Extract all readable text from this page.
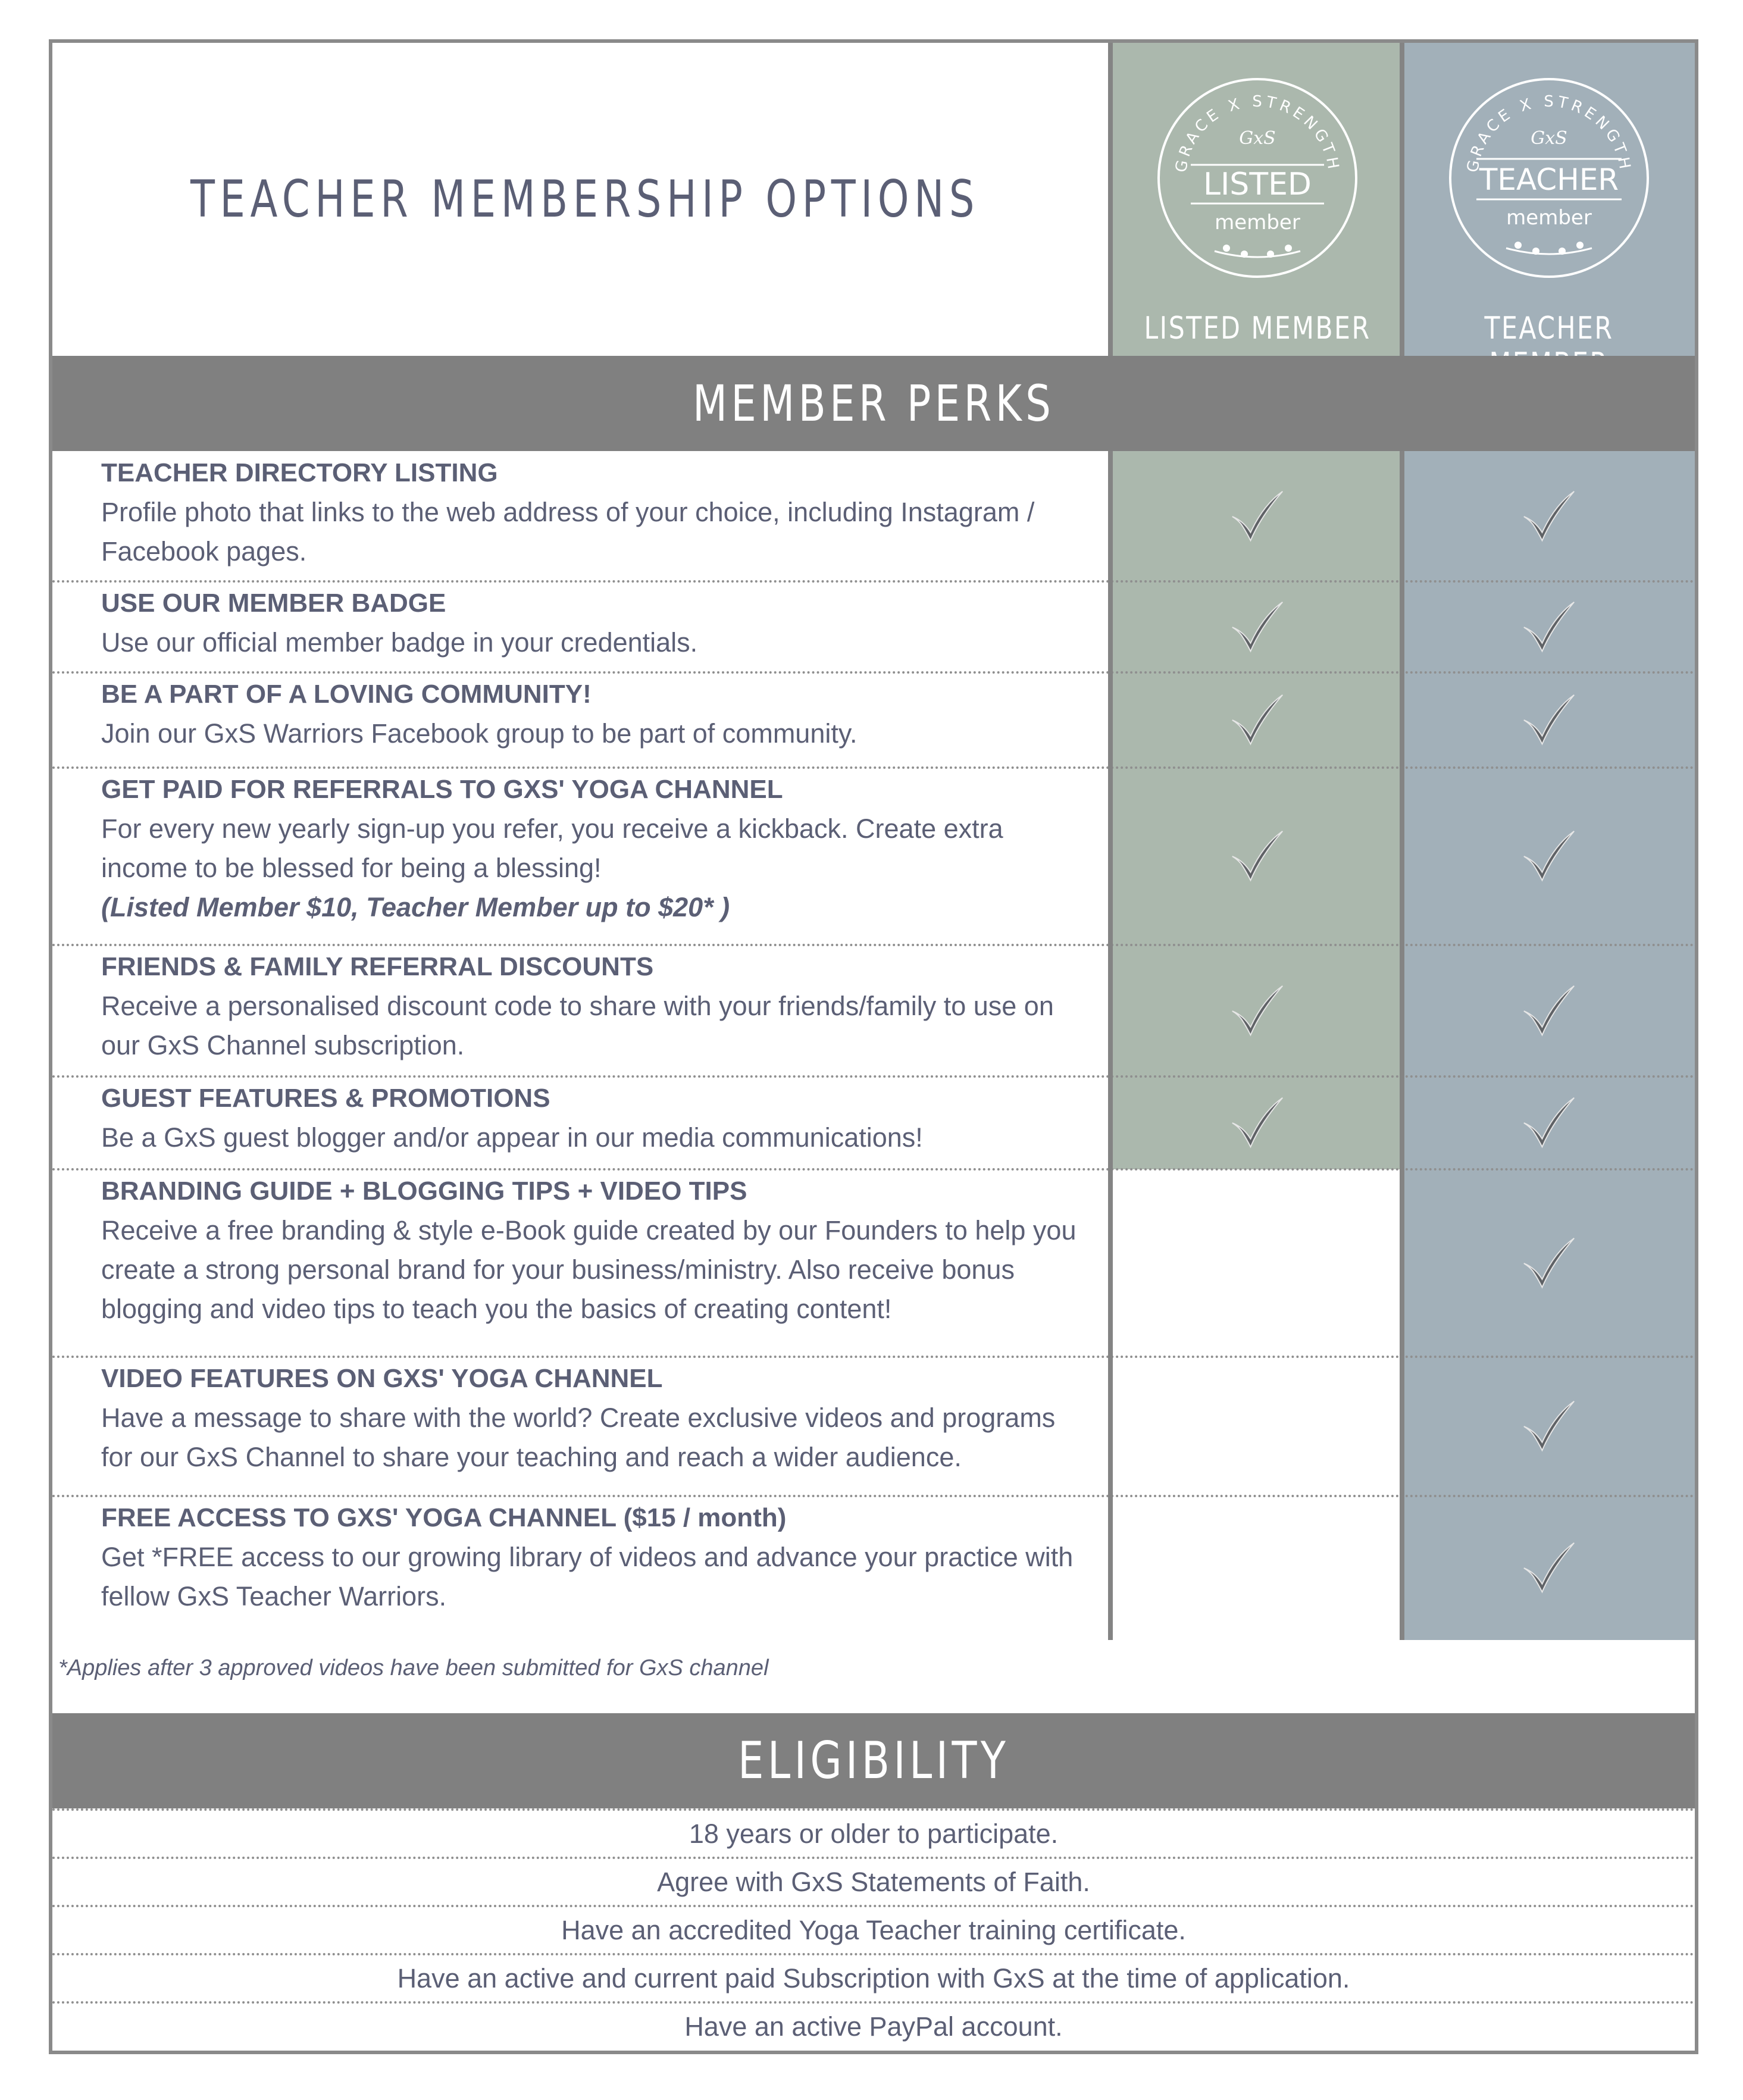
TEACHER MEMBERSHIP OPTIONS
GRACE X STRENGTH
GxS
LISTED
member
LISTED MEMBER
GRACE X STRENGTH
GxS
TEACHER
member
TEACHER
MEMBER PERKS
TEACHER DIRECTORY LISTING
Profile photo that links to the web address of your choice, including Instagram /
Facebook pages.
USE OUR MEMBER BADGE
Use our official member badge in your credentials.
BE A PART OF A LOVING COMMUNITY!
Join our GxS Warriors Facebook group to be part of community.
GET PAID FOR REFERRALS TO GXS' YOGA CHANNEL
For every new yearly sign-up you refer, you receive a kickback. Create extra
income to be blessed for being a blessing!
(Listed Member $10, Teacher Member up to $20* )
FRIENDS & FAMILY REFERRAL DISCOUNTS
Receive a personalised discount code to share with your friends/family to use on
our GxS Channel subscription.
GUEST FEATURES & PROMOTIONS
Be a GxS guest blogger and/or appear in our media communications!
BRANDING GUIDE + BLOGGING TIPS + VIDEO TIPS
Receive a free branding & style e-Book guide created by our Founders to help you
create a strong personal brand for your business/ministry. Also receive bonus
blogging and video tips to teach you the basics of creating content!
VIDEO FEATURES ON GXS' YOGA CHANNEL
Have a message to share with the world? Create exclusive videos and programs
for our GxS Channel to share your teaching and reach a wider audience.
FREE ACCESS TO GXS' YOGA CHANNEL ($15 / month)
Get *FREE access to our growing library of videos and advance your practice with
fellow GxS Teacher Warriors.
*Applies after 3 approved videos have been submitted for GxS channel
ELIGIBILITY
18 years or older to participate.
Agree with GxS Statements of Faith.
Have an accredited Yoga Teacher training certificate.
Have an active and current paid Subscription with GxS at the time of application.
Have an active PayPal account.
